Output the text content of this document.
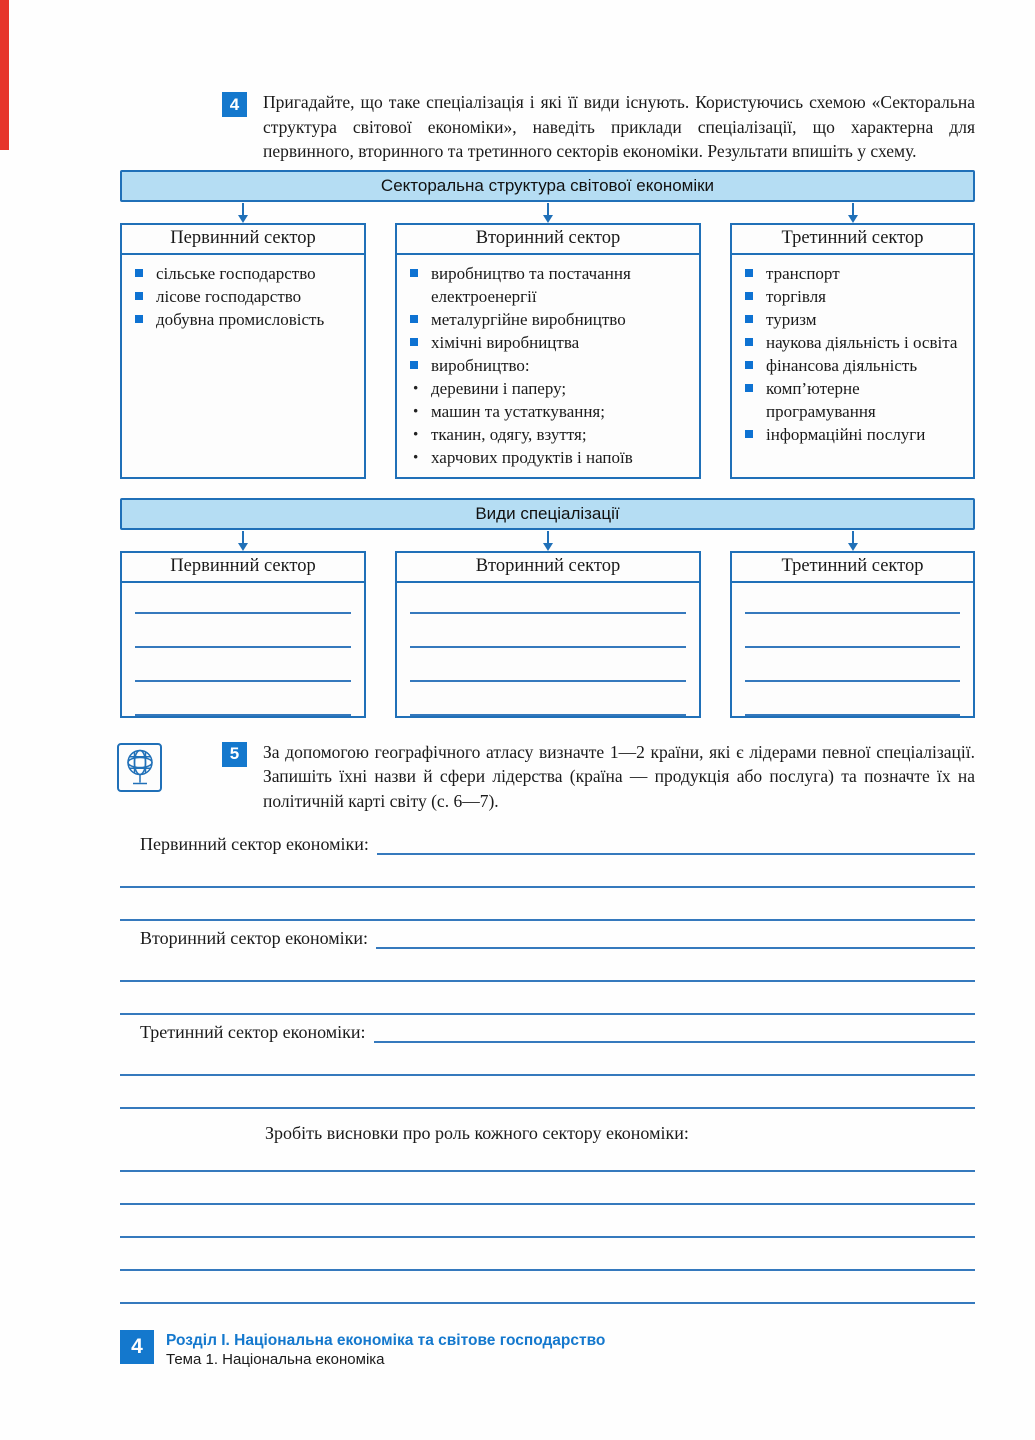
4	Пригадайте, що таке спеціалізація і які її види існують. Користуючись схемою «Секторальна структура світової економіки», наведіть приклади спеціалізації, що характерна для первинного, вторинного та третинного секторів економіки. Результати впишіть у схему.
Секторальна структура світової економіки
Первинний сектор
сільське господарство
лісове господарство
добувна промисловість
Вторинний сектор
виробництво та постачання електроенергії
металургійне виробництво
хімічні виробництва
виробництво:
· деревини і паперу;
· машин та устаткування;
· тканин, одягу, взуття;
· харчових продуктів і напоїв
Третинний сектор
транспорт
торгівля
туризм
наукова діяльність і освіта
фінансова діяльність
комп’ютерне програмування
інформаційні послуги
Види спеціалізації
Первинний сектор	Вторинний сектор	Третинний сектор
5	За допомогою географічного атласу визначте 1—2 країни, які є лідерами певної спеціалізації. Запишіть їхні назви й сфери лідерства (країна — продукція або послуга) та позначте їх на політичній карті світу (с. 6—7).
Первинний сектор економіки:
Вторинний сектор економіки:
Третинний сектор економіки:
Зробіть висновки про роль кожного сектору економіки:
4	Розділ І. Національна економіка та світове господарство
Тема 1. Національна економіка
